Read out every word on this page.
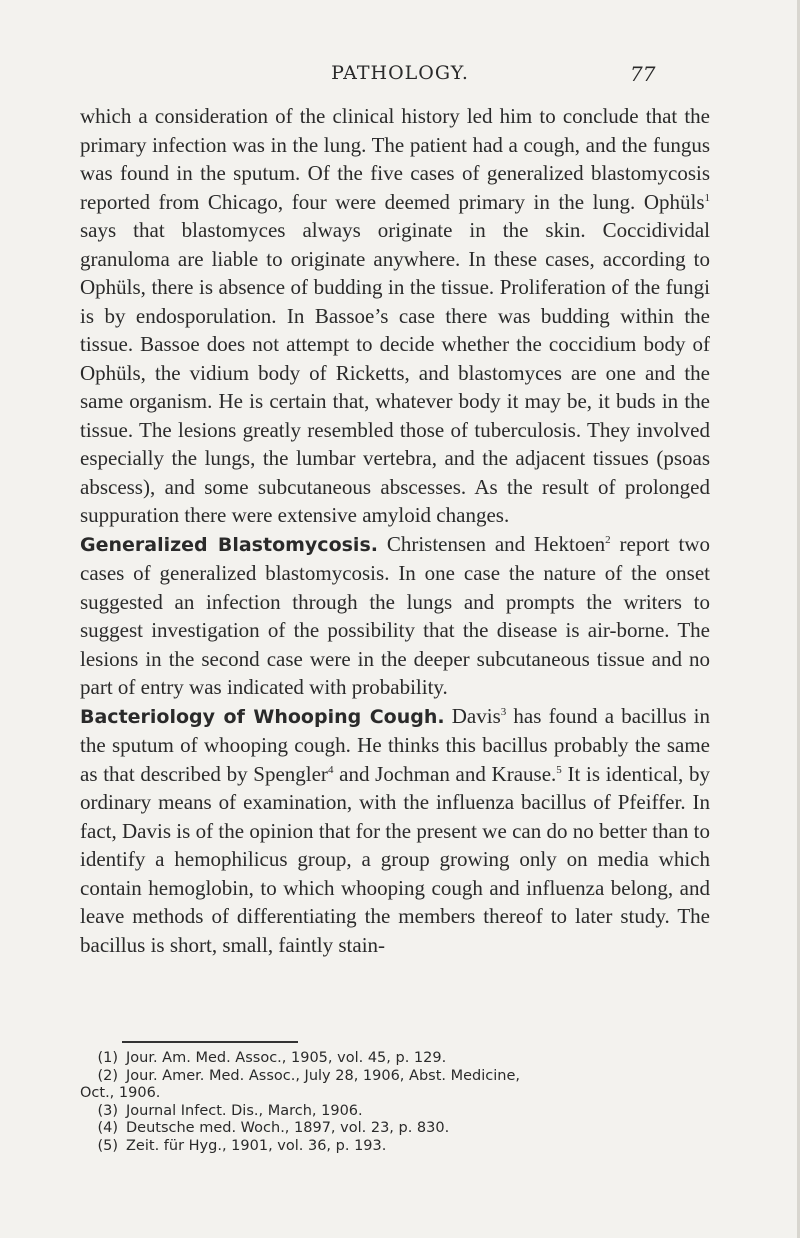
PATHOLOGY.	77

which a consideration of the clinical history led him to conclude that the primary infection was in the lung. The patient had a cough, and the fungus was found in the sputum. Of the five cases of generalized blastomycosis reported from Chicago, four were deemed primary in the lung. Ophüls$^1$ says that blastomyces always originate in the skin. Coccidividal granuloma are liable to originate anywhere. In these cases, according to Ophüls, there is absence of budding in the tissue. Proliferation of the fungi is by endosporulation. In Bassoe’s case there was budding within the tissue. Bassoe does not attempt to decide whether the coccidium body of Ophüls, the vidium body of Ricketts, and blastomyces are one and the same organism. He is certain that, whatever body it may be, it buds in the tissue. The lesions greatly resembled those of tuberculosis. They involved especially the lungs, the lumbar vertebra, and the adjacent tissues (psoas abscess), and some subcutaneous abscesses. As the result of prolonged suppuration there were extensive amyloid changes.

Generalized Blastomycosis. Christensen and Hektoen$^2$ report two cases of generalized blastomycosis. In one case the nature of the onset suggested an infection through the lungs and prompts the writers to suggest investigation of the possibility that the disease is air-borne. The lesions in the second case were in the deeper subcutaneous tissue and no part of entry was indicated with probability.

Bacteriology of Whooping Cough. Davis$^3$ has found a bacillus in the sputum of whooping cough. He thinks this bacillus probably the same as that described by Spengler$^4$ and Jochman and Krause.$^5$ It is identical, by ordinary means of examination, with the influenza bacillus of Pfeiffer. In fact, Davis is of the opinion that for the present we can do no better than to identify a hemophilicus group, a group growing only on media which contain hemoglobin, to which whooping cough and influenza belong, and leave methods of differentiating the members thereof to later study. The bacillus is short, small, faintly stain-

(1) Jour. Am. Med. Assoc., 1905, vol. 45, p. 129.
(2) Jour. Amer. Med. Assoc., July 28, 1906, Abst. Medicine,
Oct., 1906.
(3) Journal Infect. Dis., March, 1906.
(4) Deutsche med. Woch., 1897, vol. 23, p. 830.
(5) Zeit. für Hyg., 1901, vol. 36, p. 193.
